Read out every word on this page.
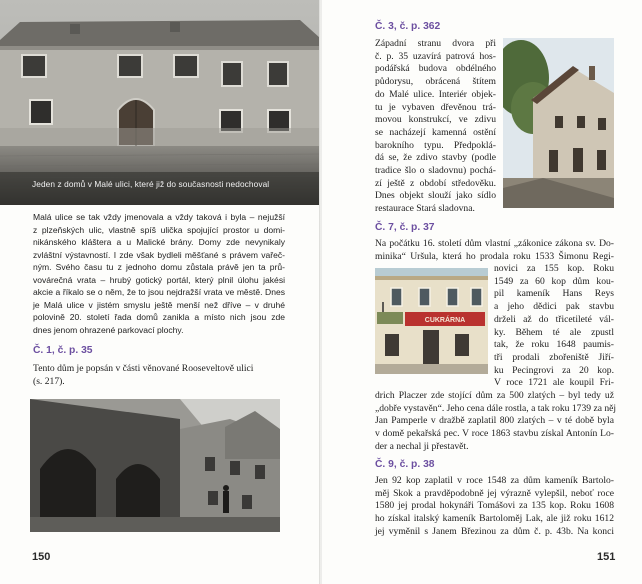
Jeden z domů v Malé ulici, které již do současnosti nedochoval
Malá ulice se tak vždy jmenovala a vždy taková i byla – nejužší
z plzeňských ulic, vlastně spíš ulička spojující prostor u domi-
nikánského kláštera a u Malické brány. Domy zde nevynikaly
zvláštní výstavností. I zde však bydleli měšťané s právem vařeč-
ným. Svého času tu z jednoho domu zůstala právě jen ta prů-
vovárečná vrata – hrubý gotický portál, který plnil úlohu jakési
akcie a říkalo se o něm, že to jsou nejdražší vrata ve městě. Dnes
je Malá ulice v jistém smyslu ještě menší než dříve – v druhé
polovině 20. století řada domů zanikla a místo nich jsou zde
dnes jenom ohrazené parkovací plochy.
Č. 1, č. p. 35
Tento dům je popsán v části věnované Rooseveltově ulici
(s. 217).
150
Č. 3, č. p. 362
Západní stranu dvora při
č. p. 35 uzavírá patrová hos-
podářská budova obdélného
půdorysu, obrácená štítem
do Malé ulice. Interiér objek-
tu je vybaven dřevěnou trá-
movou konstrukcí, ve zdivu
se nacházejí kamenná ostění
barokního typu. Předpoklá-
dá se, že zdivo stavby (podle
tradice šlo o sladovnu) pochá-
zí ještě z období středověku.
Dnes objekt slouží jako sídlo
restaurace Stará sladovna.
Č. 7, č. p. 37
Na počátku 16. století dům vlastní „zákonice zákona sv. Do-
minika“ Uršula, která ho prodala roku 1533 Šimonu Regi-
CUKRÁRNA
novici za 155 kop. Roku
1549 za 60 kop dům kou-
pil kameník Hans Reys
a jeho dědici pak stavbu
drželi až do třicetileté vál-
ky. Během té ale zpustl
tak, že roku 1648 paumis-
tři prodali zbořeniště Jiří-
ku Pecingrovi za 20 kop.
V roce 1721 ale koupil Fri-
drich Placzer zde stojící dům za 500 zlatých – byl tedy už
„dobře vystavěn“. Jeho cena dále rostla, a tak roku 1739 za něj
Jan Pamperle v dražbě zaplatil 800 zlatých – v té době byla
v domě pekařská pec. V roce 1863 stavbu získal Antonín Lo-
der a nechal ji přestavět.
Č. 9, č. p. 38
Jen 92 kop zaplatil v roce 1548 za dům kameník Bartolo-
měj Skok a pravděpodobně jej výrazně vylepšil, neboť roce
1580 jej prodal hokynáři Tomášovi za 135 kop. Roku 1608
ho získal italský kameník Bartoloměj Lak, ale již roku 1612
jej vyměnil s Janem Březinou za dům č. p. 43b. Na konci
151
